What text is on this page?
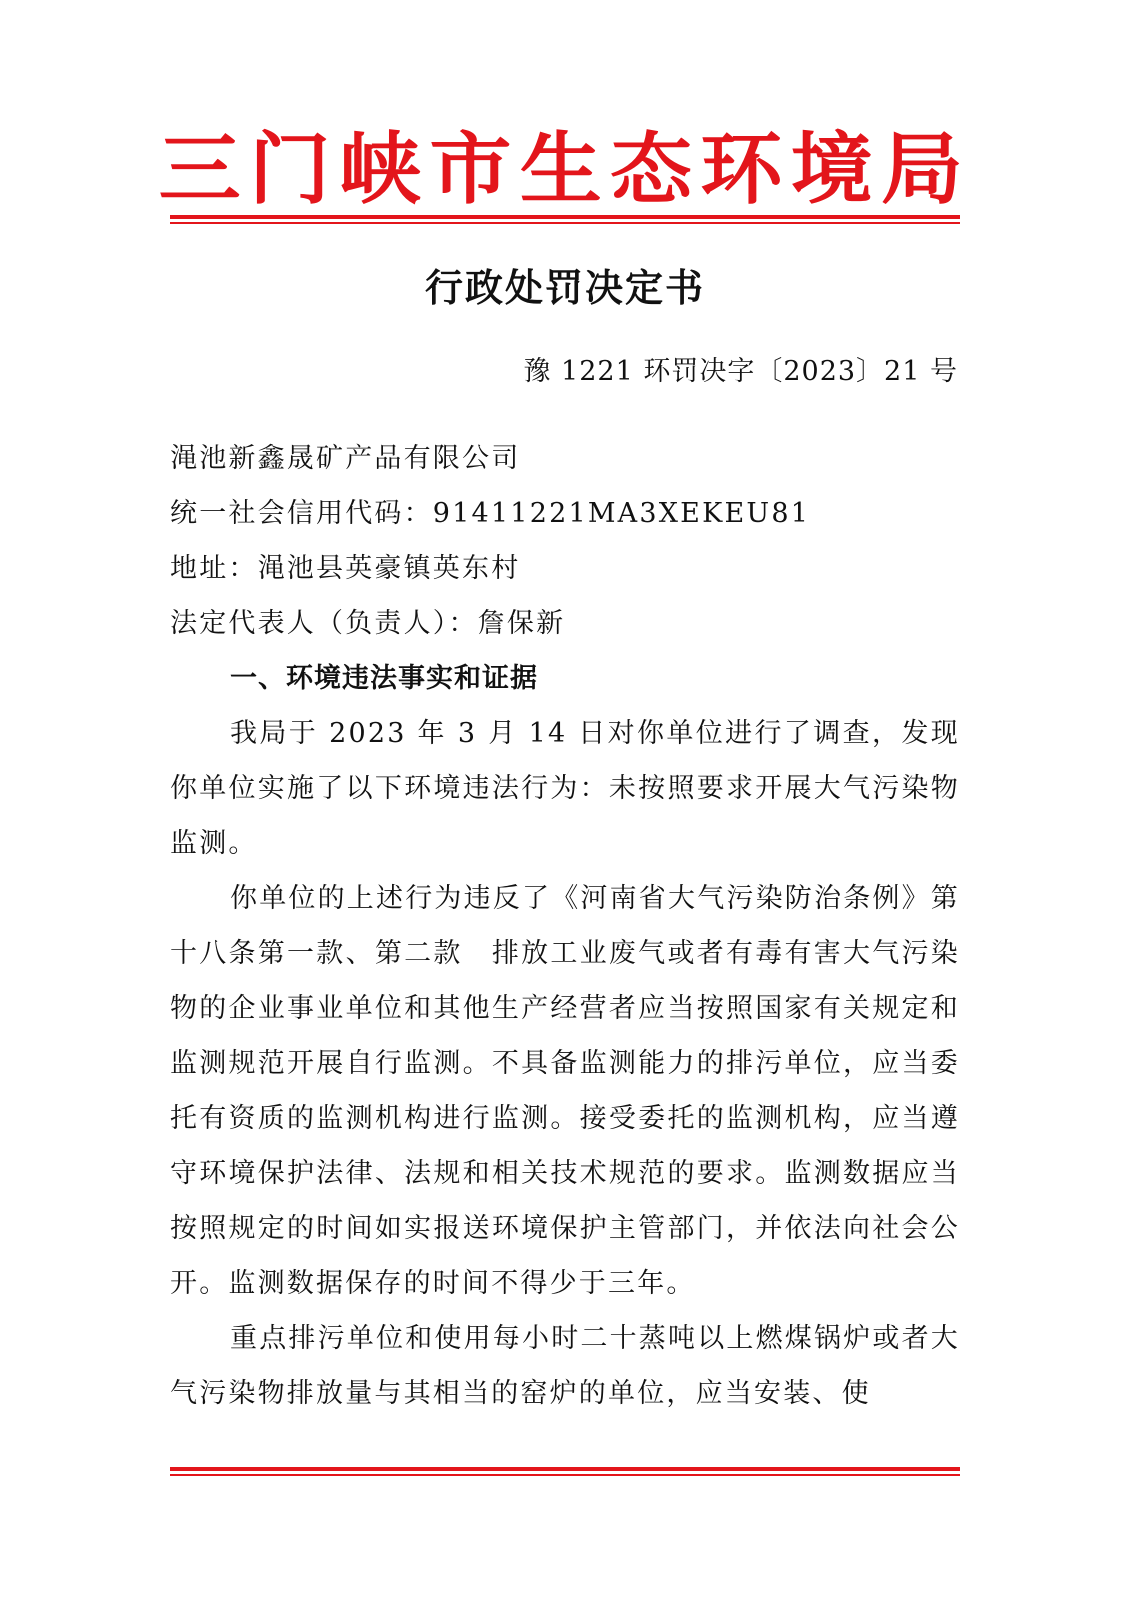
三门峡市生态环境局
行政处罚决定书
豫 1221 环罚决字〔2023〕21 号

渑池新鑫晟矿产品有限公司

统一社会信用代码：91411221MA3XEKEU81

地址：渑池县英豪镇英东村

法定代表人（负责人）：詹保新

一、环境违法事实和证据

我局于 2023 年 3 月 14 日对你单位进行了调查，发现你单位实施了以下环境违法行为：未按照要求开展大气污染物监测。

你单位的上述行为违反了《河南省大气污染防治条例》第十八条第一款、第二款　排放工业废气或者有毒有害大气污染物的企业事业单位和其他生产经营者应当按照国家有关规定和监测规范开展自行监测。不具备监测能力的排污单位，应当委托有资质的监测机构进行监测。接受委托的监测机构，应当遵守环境保护法律、法规和相关技术规范的要求。监测数据应当按照规定的时间如实报送环境保护主管部门，并依法向社会公开。监测数据保存的时间不得少于三年。

重点排污单位和使用每小时二十蒸吨以上燃煤锅炉或者大气污染物排放量与其相当的窑炉的单位，应当安装、使
